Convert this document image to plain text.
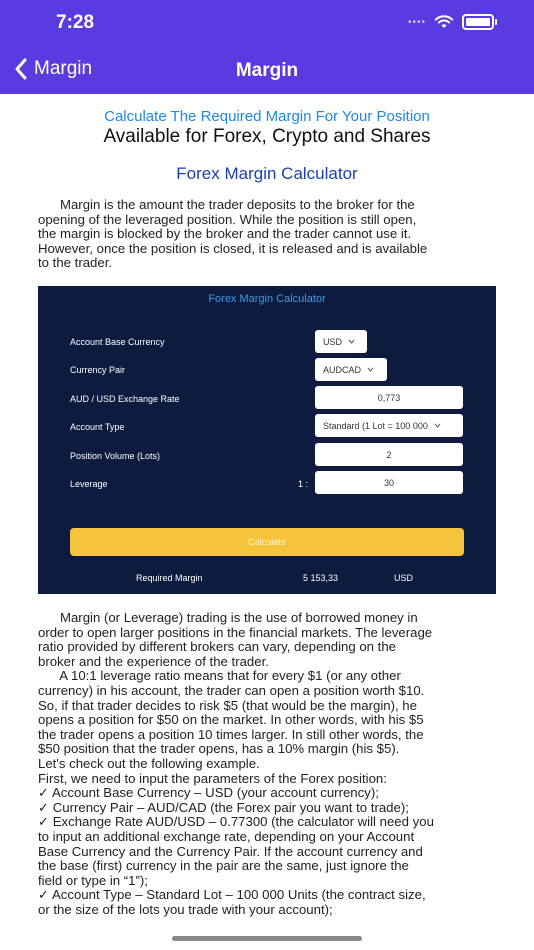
7:28	••••
Margin	Margin
Calculate The Required Margin For Your Position
Available for Forex, Crypto and Shares
Forex Margin Calculator
Margin is the amount the trader deposits to the broker for the
opening of the leveraged position. While the position is still open,
the margin is blocked by the broker and the trader cannot use it.
However, once the position is closed, it is released and is available
to the trader.
Forex Margin Calculator
Account Base Currency	USD
Currency Pair	AUDCAD
AUD / USD Exchange Rate	0,773
Account Type	Standard (1 Lot = 100 000
Position Volume (Lots)	2
Leverage	1 :	30
Calculate
Required Margin	5 153,33	USD
Margin (or Leverage) trading is the use of borrowed money in
order to open larger positions in the financial markets. The leverage
ratio provided by different brokers can vary, depending on the
broker and the experience of the trader.
A 10:1 leverage ratio means that for every $1 (or any other
currency) in his account, the trader can open a position worth $10.
So, if that trader decides to risk $5 (that would be the margin), he
opens a position for $50 on the market. In other words, with his $5
the trader opens a position 10 times larger. In still other words, the
$50 position that the trader opens, has a 10% margin (his $5).
Let's check out the following example.
First, we need to input the parameters of the Forex position:
✓ Account Base Currency – USD (your account currency);
✓ Currency Pair – AUD/CAD (the Forex pair you want to trade);
✓ Exchange Rate AUD/USD – 0.77300 (the calculator will need you
to input an additional exchange rate, depending on your Account
Base Currency and the Currency Pair. If the account currency and
the base (first) currency in the pair are the same, just ignore the
field or type in “1”);
✓ Account Type – Standard Lot – 100 000 Units (the contract size,
or the size of the lots you trade with your account);
